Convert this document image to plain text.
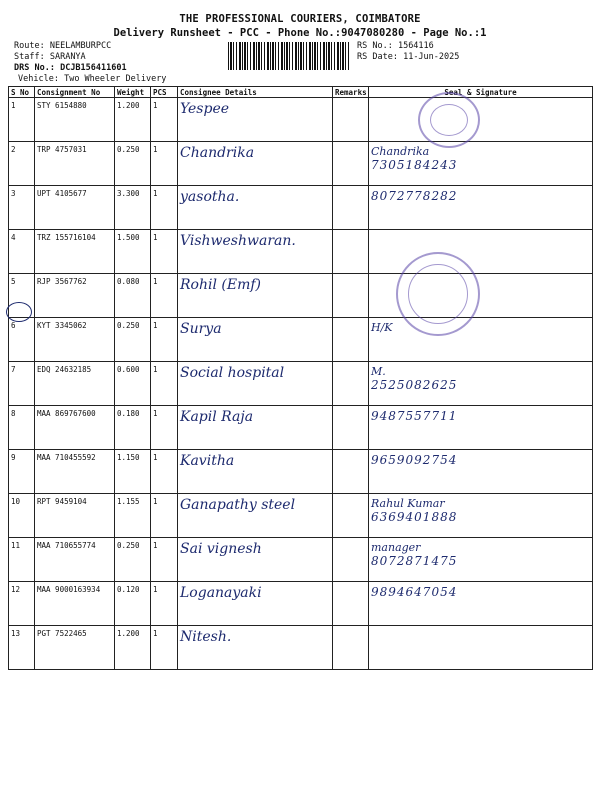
THE PROFESSIONAL COURIERS, COIMBATORE
Delivery Runsheet - PCC - Phone No.:9047080280 - Page No.:1
Route: NEELAMBURPCC
Staff: SARANYA
DRS No.: DCJB156411601
Vehicle: Two Wheeler Delivery
RS No.: 1564116
RS Date: 11-Jun-2025
S No	Consignment No	Weight	PCS	Consignee Details	Remarks	Seal & Signature
1	STY 6154880	1.200	1	Yespee		

2	TRP 4757031	0.250	1	Chandrika		Chandrika
7305184243

3	UPT 4105677	3.300	1	yasotha.		8072778282

4	TRZ 155716104	1.500	1	Vishweshwaran.		

5	RJP 3567762	0.080	1	Rohil (Emf)		

6	KYT 3345062	0.250	1	Surya		H/K

7	EDQ 24632185	0.600	1	Social hospital		M.
2525082625

8	MAA 869767600	0.180	1	Kapil Raja		9487557711

9	MAA 710455592	1.150	1	Kavitha		9659092754

10	RPT 9459104	1.155	1	Ganapathy steel		Rahul Kumar
6369401888

11	MAA 710655774	0.250	1	Sai vignesh		manager
8072871475

12	MAA 9000163934	0.120	1	Loganayaki		9894647054

13	PGT 7522465	1.200	1	Nitesh.		
